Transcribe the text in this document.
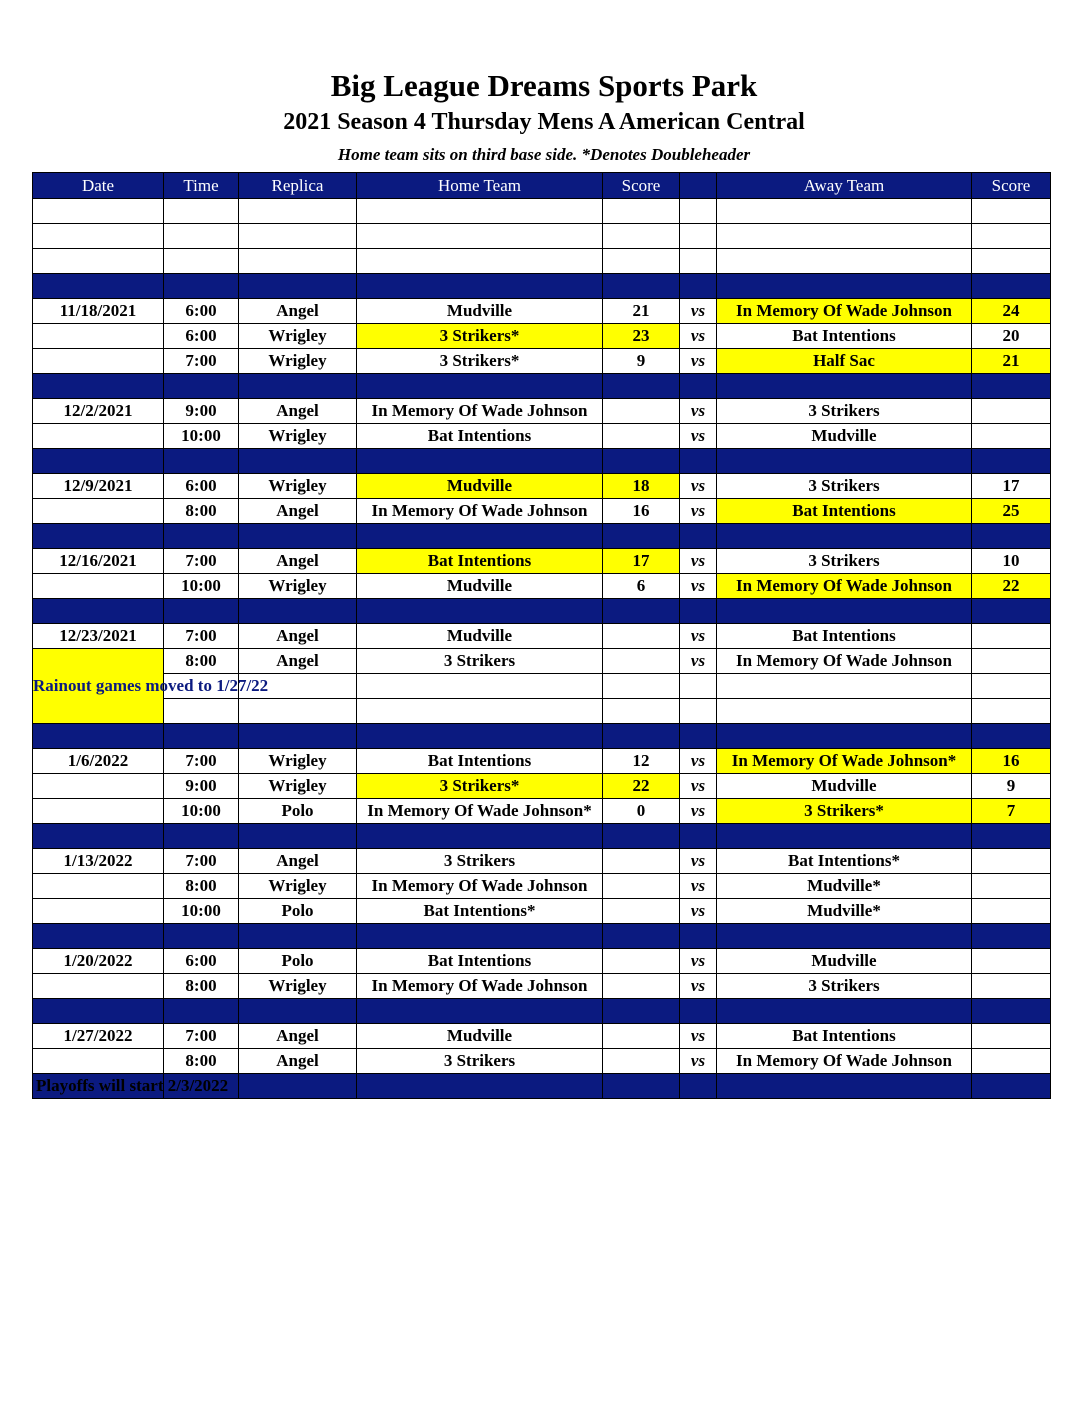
Big League Dreams Sports Park
2021 Season 4 Thursday Mens A American Central
Home team sits on third base side. *Denotes Doubleheader
Date	Time	Replica	Home Team	Score		Away Team	Score

11/18/2021	6:00	Angel	Mudville	21	vs	In Memory Of Wade Johnson	24
	6:00	Wrigley	3 Strikers*	23	vs	Bat Intentions	20
	7:00	Wrigley	3 Strikers*	9	vs	Half Sac	21

12/2/2021	9:00	Angel	In Memory Of Wade Johnson		vs	3 Strikers	
	10:00	Wrigley	Bat Intentions		vs	Mudville	

12/9/2021	6:00	Wrigley	Mudville	18	vs	3 Strikers	17
	8:00	Angel	In Memory Of Wade Johnson	16	vs	Bat Intentions	25

12/16/2021	7:00	Angel	Bat Intentions	17	vs	3 Strikers	10
	10:00	Wrigley	Mudville	6	vs	In Memory Of Wade Johnson	22

12/23/2021	7:00	Angel	Mudville		vs	Bat Intentions	
Rainout games moved to 1/27/22	8:00	Angel	3 Strikers		vs	In Memory Of Wade Johnson	

1/6/2022	7:00	Wrigley	Bat Intentions	12	vs	In Memory Of Wade Johnson*	16
	9:00	Wrigley	3 Strikers*	22	vs	Mudville	9
	10:00	Polo	In Memory Of Wade Johnson*	0	vs	3 Strikers*	7

1/13/2022	7:00	Angel	3 Strikers		vs	Bat Intentions*	
	8:00	Wrigley	In Memory Of Wade Johnson		vs	Mudville*	
	10:00	Polo	Bat Intentions*		vs	Mudville*	

1/20/2022	6:00	Polo	Bat Intentions		vs	Mudville	
	8:00	Wrigley	In Memory Of Wade Johnson		vs	3 Strikers	

1/27/2022	7:00	Angel	Mudville		vs	Bat Intentions	
	8:00	Angel	3 Strikers		vs	In Memory Of Wade Johnson	

Playoffs will start 2/3/2022
